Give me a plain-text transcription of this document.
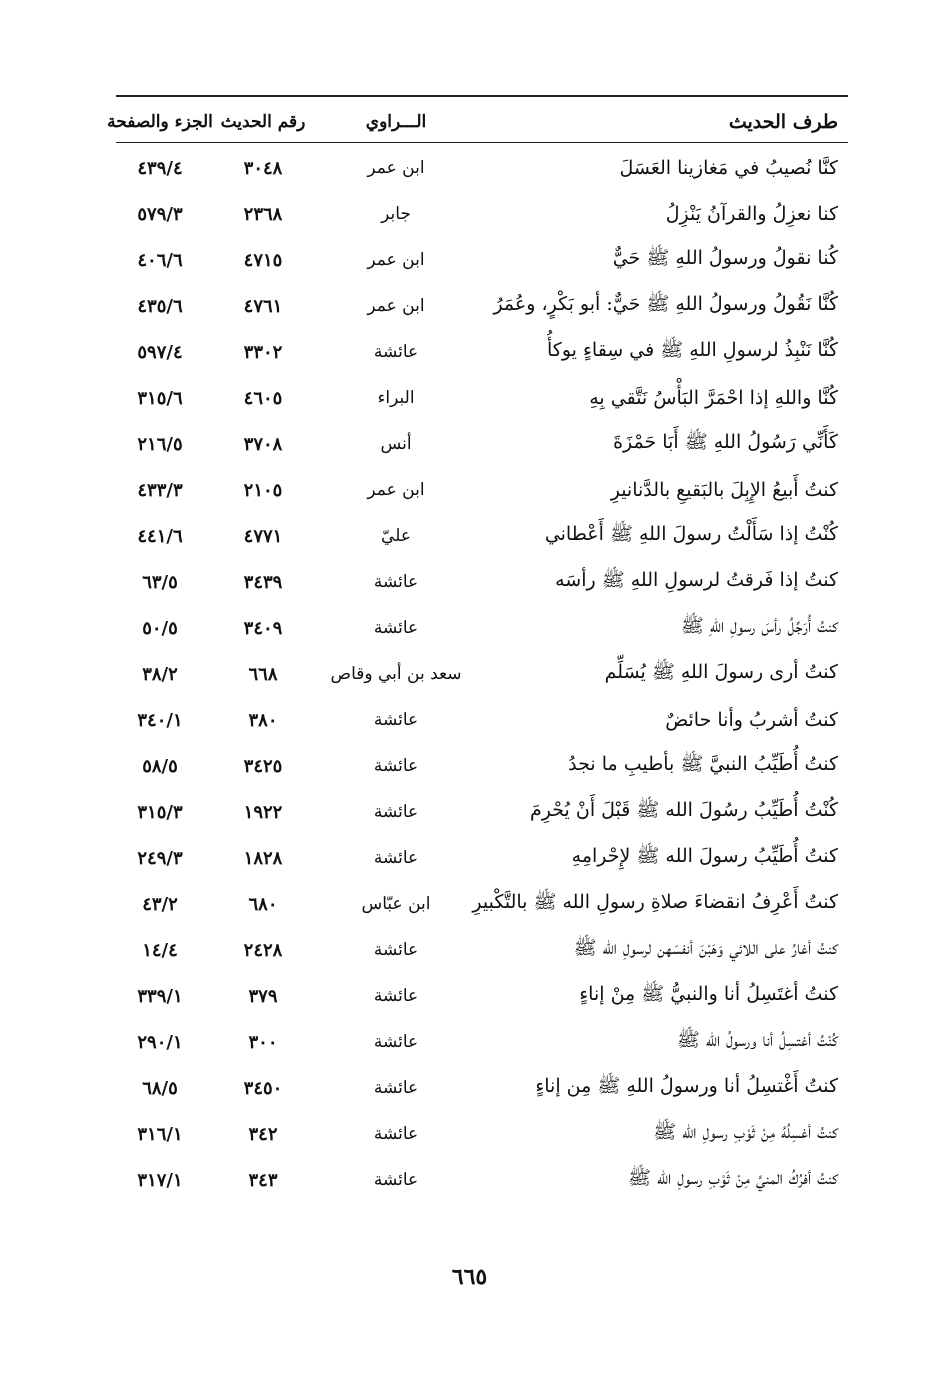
طرف الحديث
الـــراوي
رقم الحديث
الجزء والصفحة
كنَّا نُصيبُ في مَغازينا العَسَلَ
ابن عمر
٣٠٤٨
٤٣٩/٤
كنا نعزِلُ والقرآنُ يَنْزِلُ
جابر
٢٣٦٨
٥٧٩/٣
كُنا نقولُ ورسولُ اللهِ ﷺ حَيٌّ
ابن عمر
٤٧١٥
٤٠٦/٦
كُنَّا نَقُولُ ورسولُ اللهِ ﷺ حَيٌّ: أبو بَكْرٍ، وعُمَرُ
ابن عمر
٤٧٦١
٤٣٥/٦
كُنَّا نَنْبِذُ لرسولِ اللهِ ﷺ في سِقاءٍ يوكأُ
عائشة
٣٣٠٢
٥٩٧/٤
كُنَّا واللهِ إذا احْمَرَّ البَأْسُ نَتَّقي بِهِ
البراء
٤٦٠٥
٣١٥/٦
كَأَنِّي رَسُولُ اللهِ ﷺ أَبَا حَمْزَةَ
أنس
٣٧٠٨
٢١٦/٥
كنتُ أَبيعُ الإِبِلَ بالبَقيعِ بالدَّنانيرِ
ابن عمر
٢١٠٥
٤٣٣/٣
كُنْتُ إذا سَأَلْتُ رسولَ اللهِ ﷺ أَعْطاني
عليّ
٤٧٧١
٤٤١/٦
كنتُ إذا فَرقتُ لرسولِ اللهِ ﷺ رأسَه
عائشة
٣٤٣٩
٦٣/٥
كنتُ أُرَجِّلُ رأسَ رسولِ اللهِ ﷺ
عائشة
٣٤٠٩
٥٠/٥
كنتُ أرى رسولَ اللهِ ﷺ يُسَلِّم
سعد بن أبي وقاص
٦٦٨
٣٨/٢
كنتُ أشربُ وأنا حائضٌ
عائشة
٣٨٠
٣٤٠/١
كنتُ أُطَيِّبُ النبيَّ ﷺ بأطيبِ ما نجدُ
عائشة
٣٤٢٥
٥٨/٥
كُنْتُ أُطَيِّبُ رسُولَ الله ﷺ قَبْلَ أَنْ يُحْرِمَ
عائشة
١٩٢٢
٣١٥/٣
كنتُ أُطَيِّبُ رسولَ الله ﷺ لإِحْرامِهِ
عائشة
١٨٢٨
٢٤٩/٣
كنتُ أَعْرِفُ انقضاءَ صلاةِ رسولِ الله ﷺ بالتَّكْبيرِ
ابن عبّاس
٦٨٠
٤٣/٢
كنتُ أغارُ على اللائي وَهَبْنَ أنفسَهن لرسولِ الله ﷺ
عائشة
٢٤٢٨
١٤/٤
كنتُ أغتَسِلُ أنا والنبيُّ ﷺ مِنْ إناءٍ
عائشة
٣٧٩
٣٣٩/١
كُنْتُ أغتسِلُ أنا ورسولُ الله ﷺ
عائشة
٣٠٠
٢٩٠/١
كنتُ أَغْتسِلُ أنا ورسولُ اللهِ ﷺ مِن إناءٍ
عائشة
٣٤٥٠
٦٨/٥
كنتُ أغسِلُهُ مِنْ ثَوْبِ رسولِ الله ﷺ
عائشة
٣٤٢
٣١٦/١
كنتُ أفرُكُ المنيَّ مِنْ ثَوْبِ رسولِ الله ﷺ
عائشة
٣٤٣
٣١٧/١
٦٦٥
